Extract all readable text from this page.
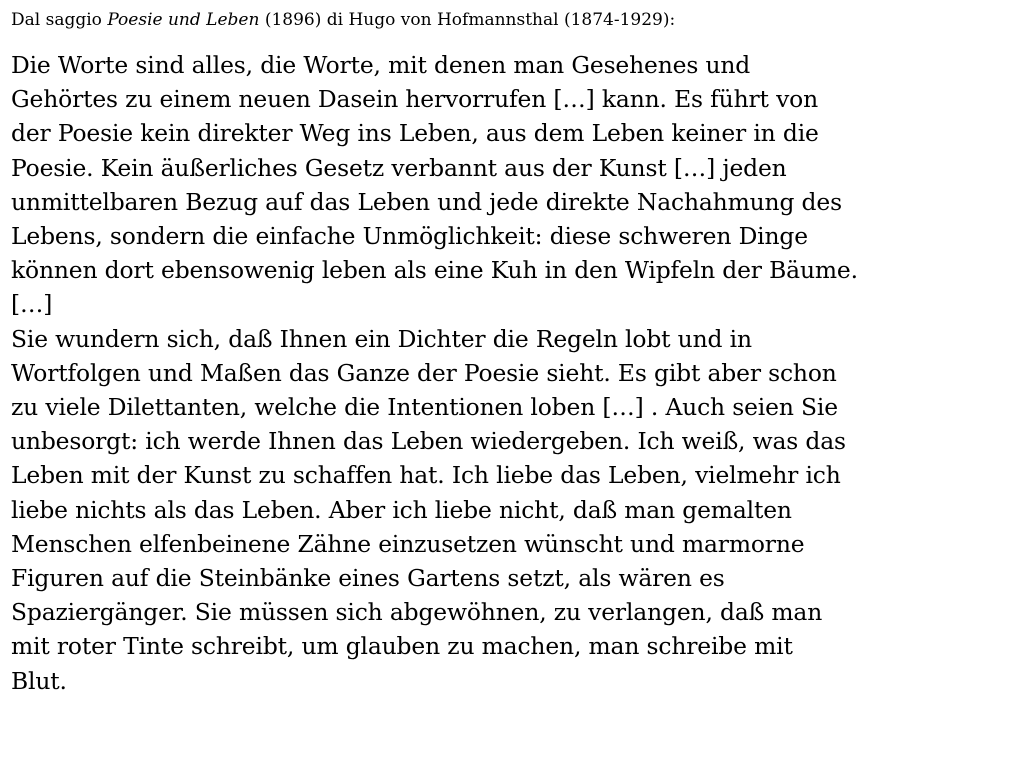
Dal saggio Poesie und Leben (1896) di Hugo von Hofmannsthal (1874-1929):

Die Worte sind alles, die Worte, mit denen man Gesehenes und
Gehörtes zu einem neuen Dasein hervorrufen […] kann. Es führt von
der Poesie kein direkter Weg ins Leben, aus dem Leben keiner in die
Poesie. Kein äußerliches Gesetz verbannt aus der Kunst […] jeden
unmittelbaren Bezug auf das Leben und jede direkte Nachahmung des
Lebens, sondern die einfache Unmöglichkeit: diese schweren Dinge
können dort ebensowenig leben als eine Kuh in den Wipfeln der Bäume.
[…]
Sie wundern sich, daß Ihnen ein Dichter die Regeln lobt und in
Wortfolgen und Maßen das Ganze der Poesie sieht. Es gibt aber schon
zu viele Dilettanten, welche die Intentionen loben […] . Auch seien Sie
unbesorgt: ich werde Ihnen das Leben wiedergeben. Ich weiß, was das
Leben mit der Kunst zu schaffen hat. Ich liebe das Leben, vielmehr ich
liebe nichts als das Leben. Aber ich liebe nicht, daß man gemalten
Menschen elfenbeinene Zähne einzusetzen wünscht und marmorne
Figuren auf die Steinbänke eines Gartens setzt, als wären es
Spaziergänger. Sie müssen sich abgewöhnen, zu verlangen, daß man
mit roter Tinte schreibt, um glauben zu machen, man schreibe mit
Blut.
